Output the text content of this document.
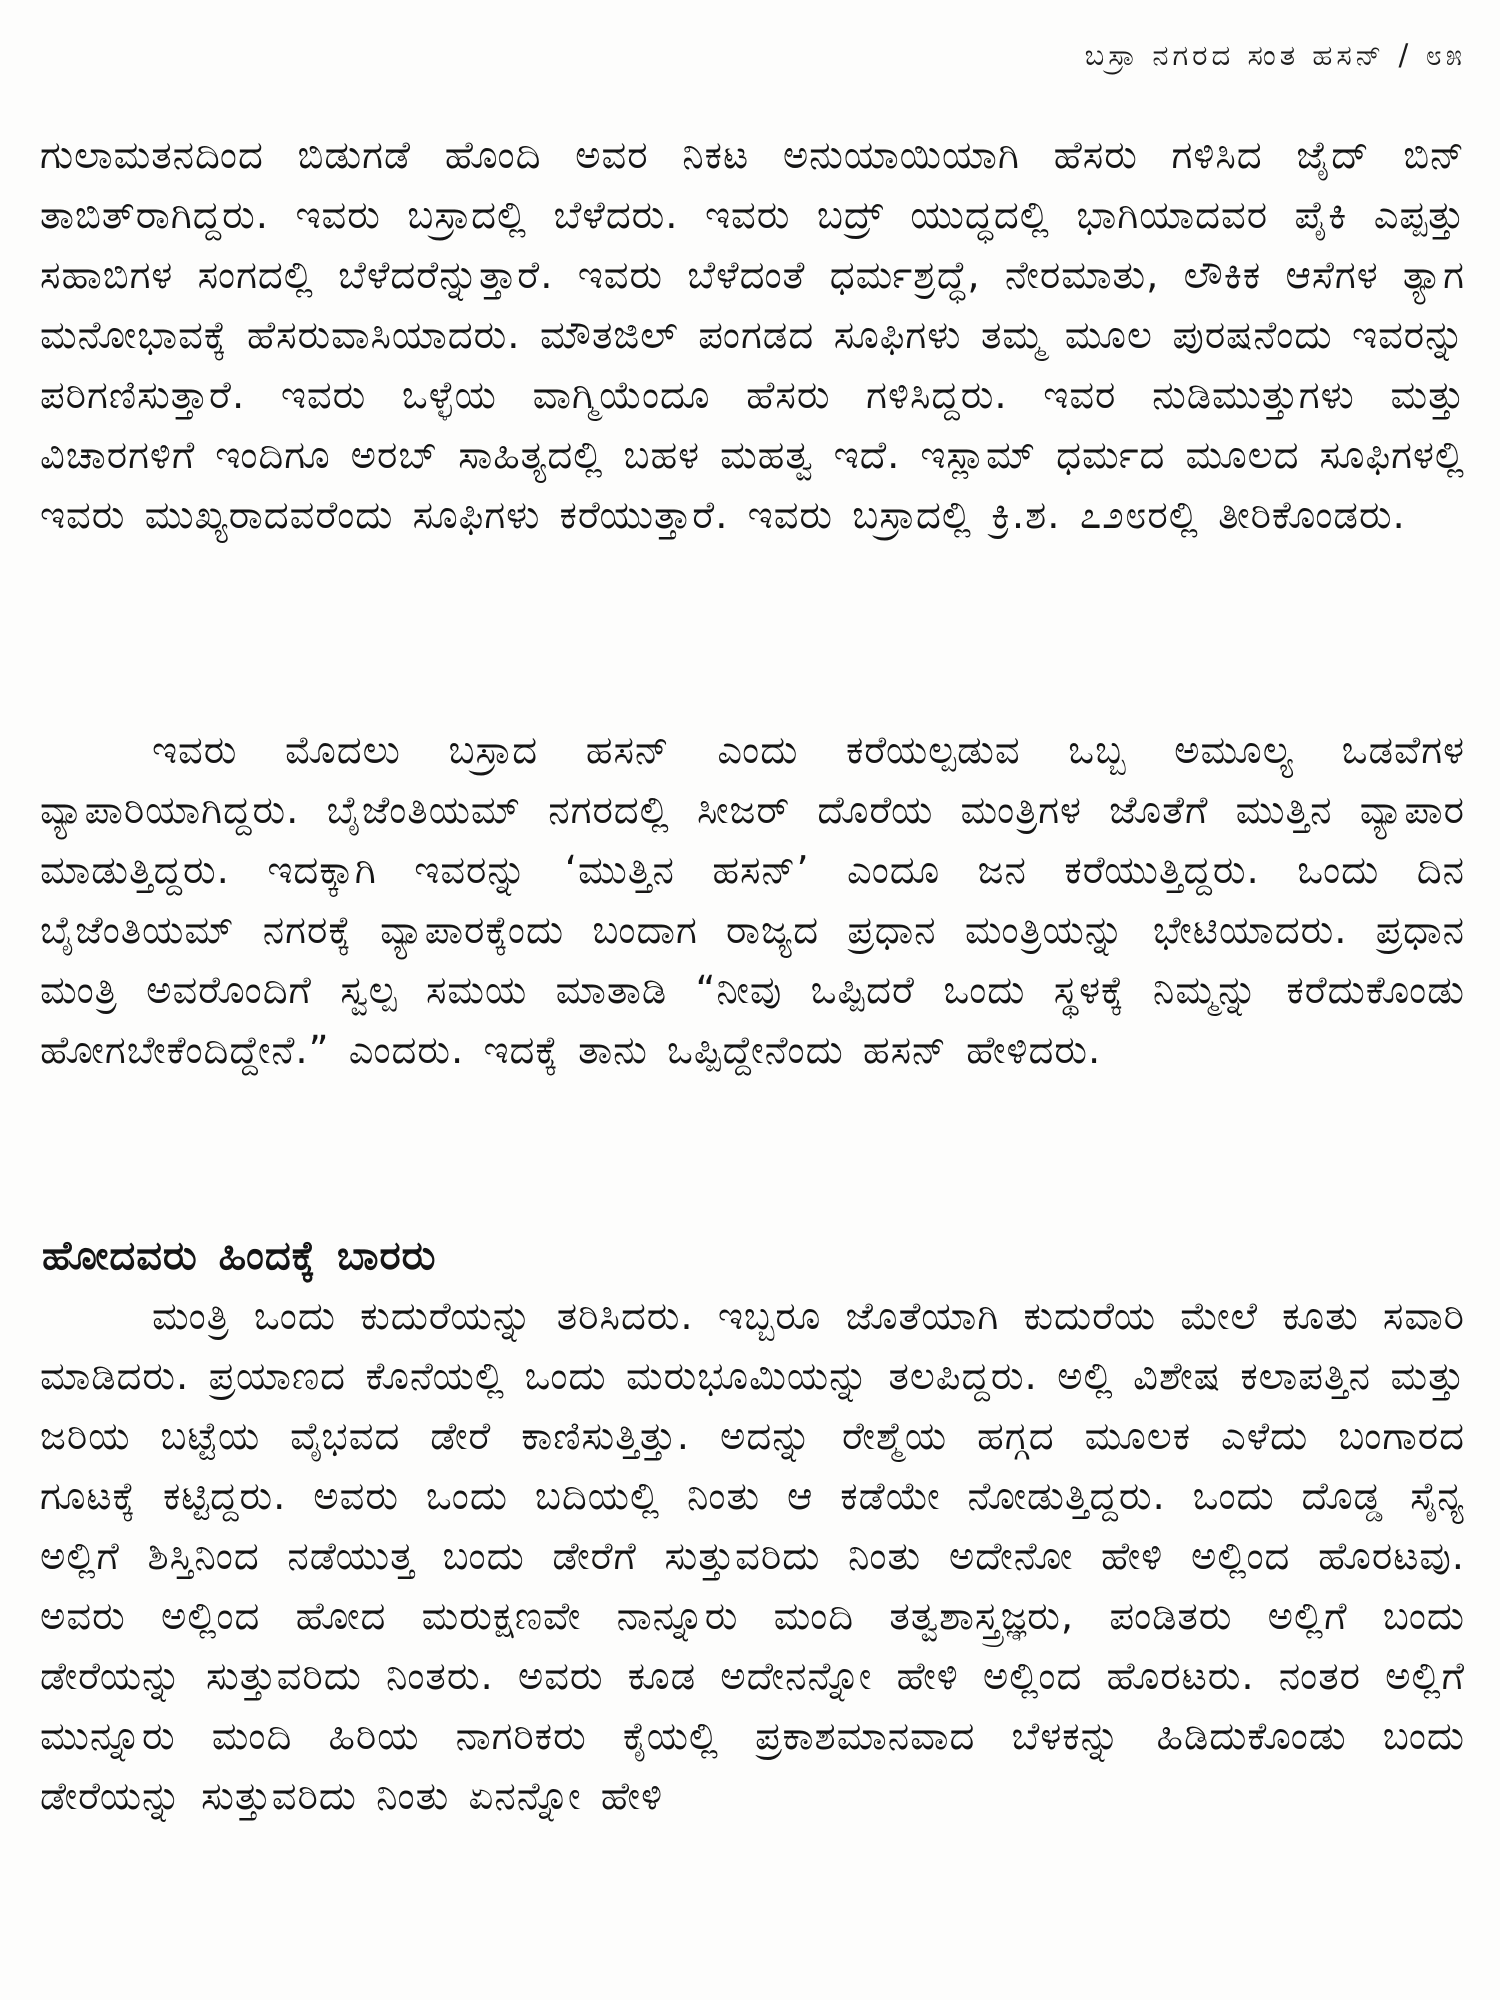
ಬಸ್ರಾ ನಗರದ ಸಂತ ಹಸನ್ / ೮೫

ಗುಲಾಮತನದಿಂದ ಬಿಡುಗಡೆ ಹೊಂದಿ ಅವರ ನಿಕಟ ಅನುಯಾಯಿಯಾಗಿ ಹೆಸರು ಗಳಿಸಿದ ಜೈದ್ ಬಿನ್ ತಾಬಿತ್‌ರಾಗಿದ್ದರು. ಇವರು ಬಸ್ರಾದಲ್ಲಿ ಬೆಳೆದರು. ಇವರು ಬದ್ರ್ ಯುದ್ಧದಲ್ಲಿ ಭಾಗಿಯಾದವರ ಪೈಕಿ ಎಪ್ಪತ್ತು ಸಹಾಬಿಗಳ ಸಂಗದಲ್ಲಿ ಬೆಳೆದರೆನ್ನುತ್ತಾರೆ. ಇವರು ಬೆಳೆದಂತೆ ಧರ್ಮಶ್ರದ್ಧೆ, ನೇರಮಾತು, ಲೌಕಿಕ ಆಸೆಗಳ ತ್ಯಾಗ ಮನೋಭಾವಕ್ಕೆ ಹೆಸರುವಾಸಿಯಾದರು. ಮೌತಜಿಲ್ ಪಂಗಡದ ಸೂಫಿಗಳು ತಮ್ಮ ಮೂಲ ಪುರಷನೆಂದು ಇವರನ್ನು ಪರಿಗಣಿಸುತ್ತಾರೆ. ಇವರು ಒಳ್ಳೆಯ ವಾಗ್ಮಿಯೆಂದೂ ಹೆಸರು ಗಳಿಸಿದ್ದರು. ಇವರ ನುಡಿಮುತ್ತುಗಳು ಮತ್ತು ವಿಚಾರಗಳಿಗೆ ಇಂದಿಗೂ ಅರಬ್ ಸಾಹಿತ್ಯದಲ್ಲಿ ಬಹಳ ಮಹತ್ವ ಇದೆ. ಇಸ್ಲಾಮ್ ಧರ್ಮದ ಮೂಲದ ಸೂಫಿಗಳಲ್ಲಿ ಇವರು ಮುಖ್ಯರಾದವರೆಂದು ಸೂಫಿಗಳು ಕರೆಯುತ್ತಾರೆ. ಇವರು ಬಸ್ರಾದಲ್ಲಿ ಕ್ರಿ.ಶ. ೭೨೮ರಲ್ಲಿ ತೀರಿಕೊಂಡರು.

ಇವರು ಮೊದಲು ಬಸ್ರಾದ ಹಸನ್ ಎಂದು ಕರೆಯಲ್ಪಡುವ ಒಬ್ಬ ಅಮೂಲ್ಯ ಒಡವೆಗಳ ವ್ಯಾಪಾರಿಯಾಗಿದ್ದರು. ಬೈಜೆಂತಿಯಮ್ ನಗರದಲ್ಲಿ ಸೀಜರ್ ದೊರೆಯ ಮಂತ್ರಿಗಳ ಜೊತೆಗೆ ಮುತ್ತಿನ ವ್ಯಾಪಾರ ಮಾಡುತ್ತಿದ್ದರು. ಇದಕ್ಕಾಗಿ ಇವರನ್ನು ‘ಮುತ್ತಿನ ಹಸನ್’ ಎಂದೂ ಜನ ಕರೆಯುತ್ತಿದ್ದರು. ಒಂದು ದಿನ ಬೈಜೆಂತಿಯಮ್ ನಗರಕ್ಕೆ ವ್ಯಾಪಾರಕ್ಕೆಂದು ಬಂದಾಗ ರಾಜ್ಯದ ಪ್ರಧಾನ ಮಂತ್ರಿಯನ್ನು ಭೇಟಿಯಾದರು. ಪ್ರಧಾನ ಮಂತ್ರಿ ಅವರೊಂದಿಗೆ ಸ್ವಲ್ಪ ಸಮಯ ಮಾತಾಡಿ “ನೀವು ಒಪ್ಪಿದರೆ ಒಂದು ಸ್ಥಳಕ್ಕೆ ನಿಮ್ಮನ್ನು ಕರೆದುಕೊಂಡು ಹೋಗಬೇಕೆಂದಿದ್ದೇನೆ.” ಎಂದರು. ಇದಕ್ಕೆ ತಾನು ಒಪ್ಪಿದ್ದೇನೆಂದು ಹಸನ್ ಹೇಳಿದರು.

ಹೋದವರು ಹಿಂದಕ್ಕೆ ಬಾರರು

ಮಂತ್ರಿ ಒಂದು ಕುದುರೆಯನ್ನು ತರಿಸಿದರು. ಇಬ್ಬರೂ ಜೊತೆಯಾಗಿ ಕುದುರೆಯ ಮೇಲೆ ಕೂತು ಸವಾರಿ ಮಾಡಿದರು. ಪ್ರಯಾಣದ ಕೊನೆಯಲ್ಲಿ ಒಂದು ಮರುಭೂಮಿಯನ್ನು ತಲಪಿದ್ದರು. ಅಲ್ಲಿ ವಿಶೇಷ ಕಲಾಪತ್ತಿನ ಮತ್ತು ಜರಿಯ ಬಟ್ಟೆಯ ವೈಭವದ ಡೇರೆ ಕಾಣಿಸುತ್ತಿತ್ತು. ಅದನ್ನು ರೇಶ್ಮೆಯ ಹಗ್ಗದ ಮೂಲಕ ಎಳೆದು ಬಂಗಾರದ ಗೂಟಕ್ಕೆ ಕಟ್ಟಿದ್ದರು. ಅವರು ಒಂದು ಬದಿಯಲ್ಲಿ ನಿಂತು ಆ ಕಡೆಯೇ ನೋಡುತ್ತಿದ್ದರು. ಒಂದು ದೊಡ್ಡ ಸೈನ್ಯ ಅಲ್ಲಿಗೆ ಶಿಸ್ತಿನಿಂದ ನಡೆಯುತ್ತ ಬಂದು ಡೇರೆಗೆ ಸುತ್ತುವರಿದು ನಿಂತು ಅದೇನೋ ಹೇಳಿ ಅಲ್ಲಿಂದ ಹೊರಟವು. ಅವರು ಅಲ್ಲಿಂದ ಹೋದ ಮರುಕ್ಷಣವೇ ನಾನ್ನೂರು ಮಂದಿ ತತ್ವಶಾಸ್ತ್ರಜ್ಞರು, ಪಂಡಿತರು ಅಲ್ಲಿಗೆ ಬಂದು ಡೇರೆಯನ್ನು ಸುತ್ತುವರಿದು ನಿಂತರು. ಅವರು ಕೂಡ ಅದೇನನ್ನೋ ಹೇಳಿ ಅಲ್ಲಿಂದ ಹೊರಟರು. ನಂತರ ಅಲ್ಲಿಗೆ ಮುನ್ನೂರು ಮಂದಿ ಹಿರಿಯ ನಾಗರಿಕರು ಕೈಯಲ್ಲಿ ಪ್ರಕಾಶಮಾನವಾದ ಬೆಳಕನ್ನು ಹಿಡಿದುಕೊಂಡು ಬಂದು ಡೇರೆಯನ್ನು ಸುತ್ತುವರಿದು ನಿಂತು ಏನನ್ನೋ ಹೇಳಿ
